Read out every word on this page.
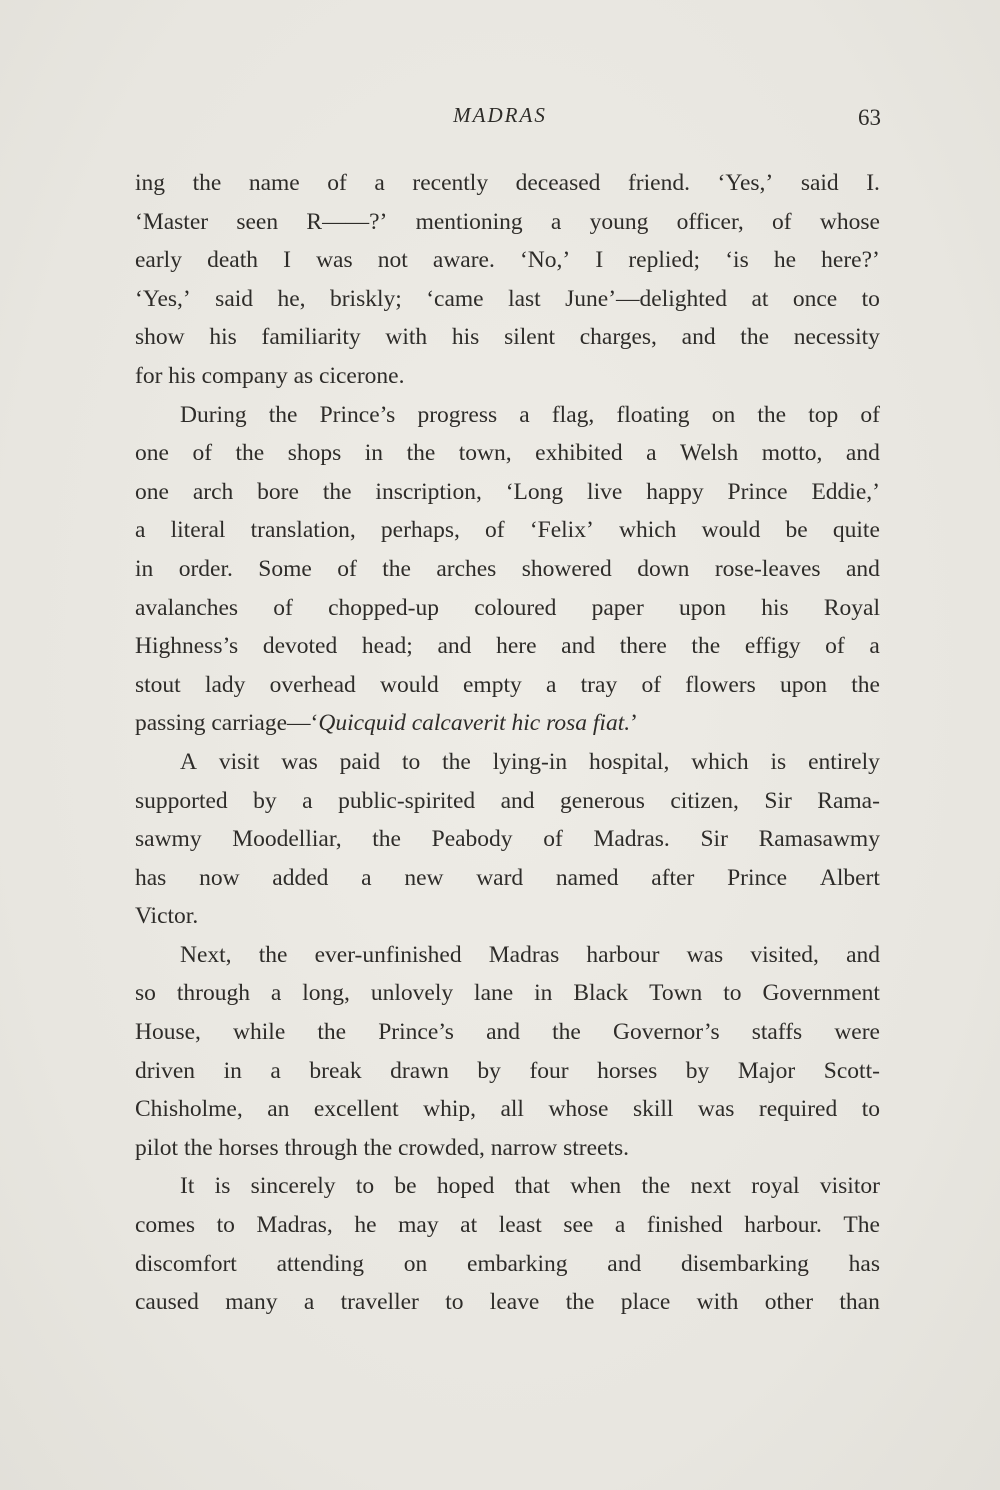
MADRAS	63
ing the name of a recently deceased friend. ‘Yes,’ said I.
‘Master seen R——?’ mentioning a young officer, of whose
early death I was not aware. ‘No,’ I replied; ‘is he here?’
‘Yes,’ said he, briskly; ‘came last June’—delighted at once to
show his familiarity with his silent charges, and the necessity
for his company as cicerone.
During the Prince’s progress a flag, floating on the top of
one of the shops in the town, exhibited a Welsh motto, and
one arch bore the inscription, ‘Long live happy Prince Eddie,’
a literal translation, perhaps, of ‘Felix’ which would be quite
in order. Some of the arches showered down rose-leaves and
avalanches of chopped-up coloured paper upon his Royal
Highness’s devoted head; and here and there the effigy of a
stout lady overhead would empty a tray of flowers upon the
passing carriage—‘Quicquid calcaverit hic rosa fiat.’
A visit was paid to the lying-in hospital, which is entirely
supported by a public-spirited and generous citizen, Sir Rama-
sawmy Moodelliar, the Peabody of Madras. Sir Ramasawmy
has now added a new ward named after Prince Albert
Victor.
Next, the ever-unfinished Madras harbour was visited, and
so through a long, unlovely lane in Black Town to Government
House, while the Prince’s and the Governor’s staffs were
driven in a break drawn by four horses by Major Scott-
Chisholme, an excellent whip, all whose skill was required to
pilot the horses through the crowded, narrow streets.
It is sincerely to be hoped that when the next royal visitor
comes to Madras, he may at least see a finished harbour. The
discomfort attending on embarking and disembarking has
caused many a traveller to leave the place with other than
